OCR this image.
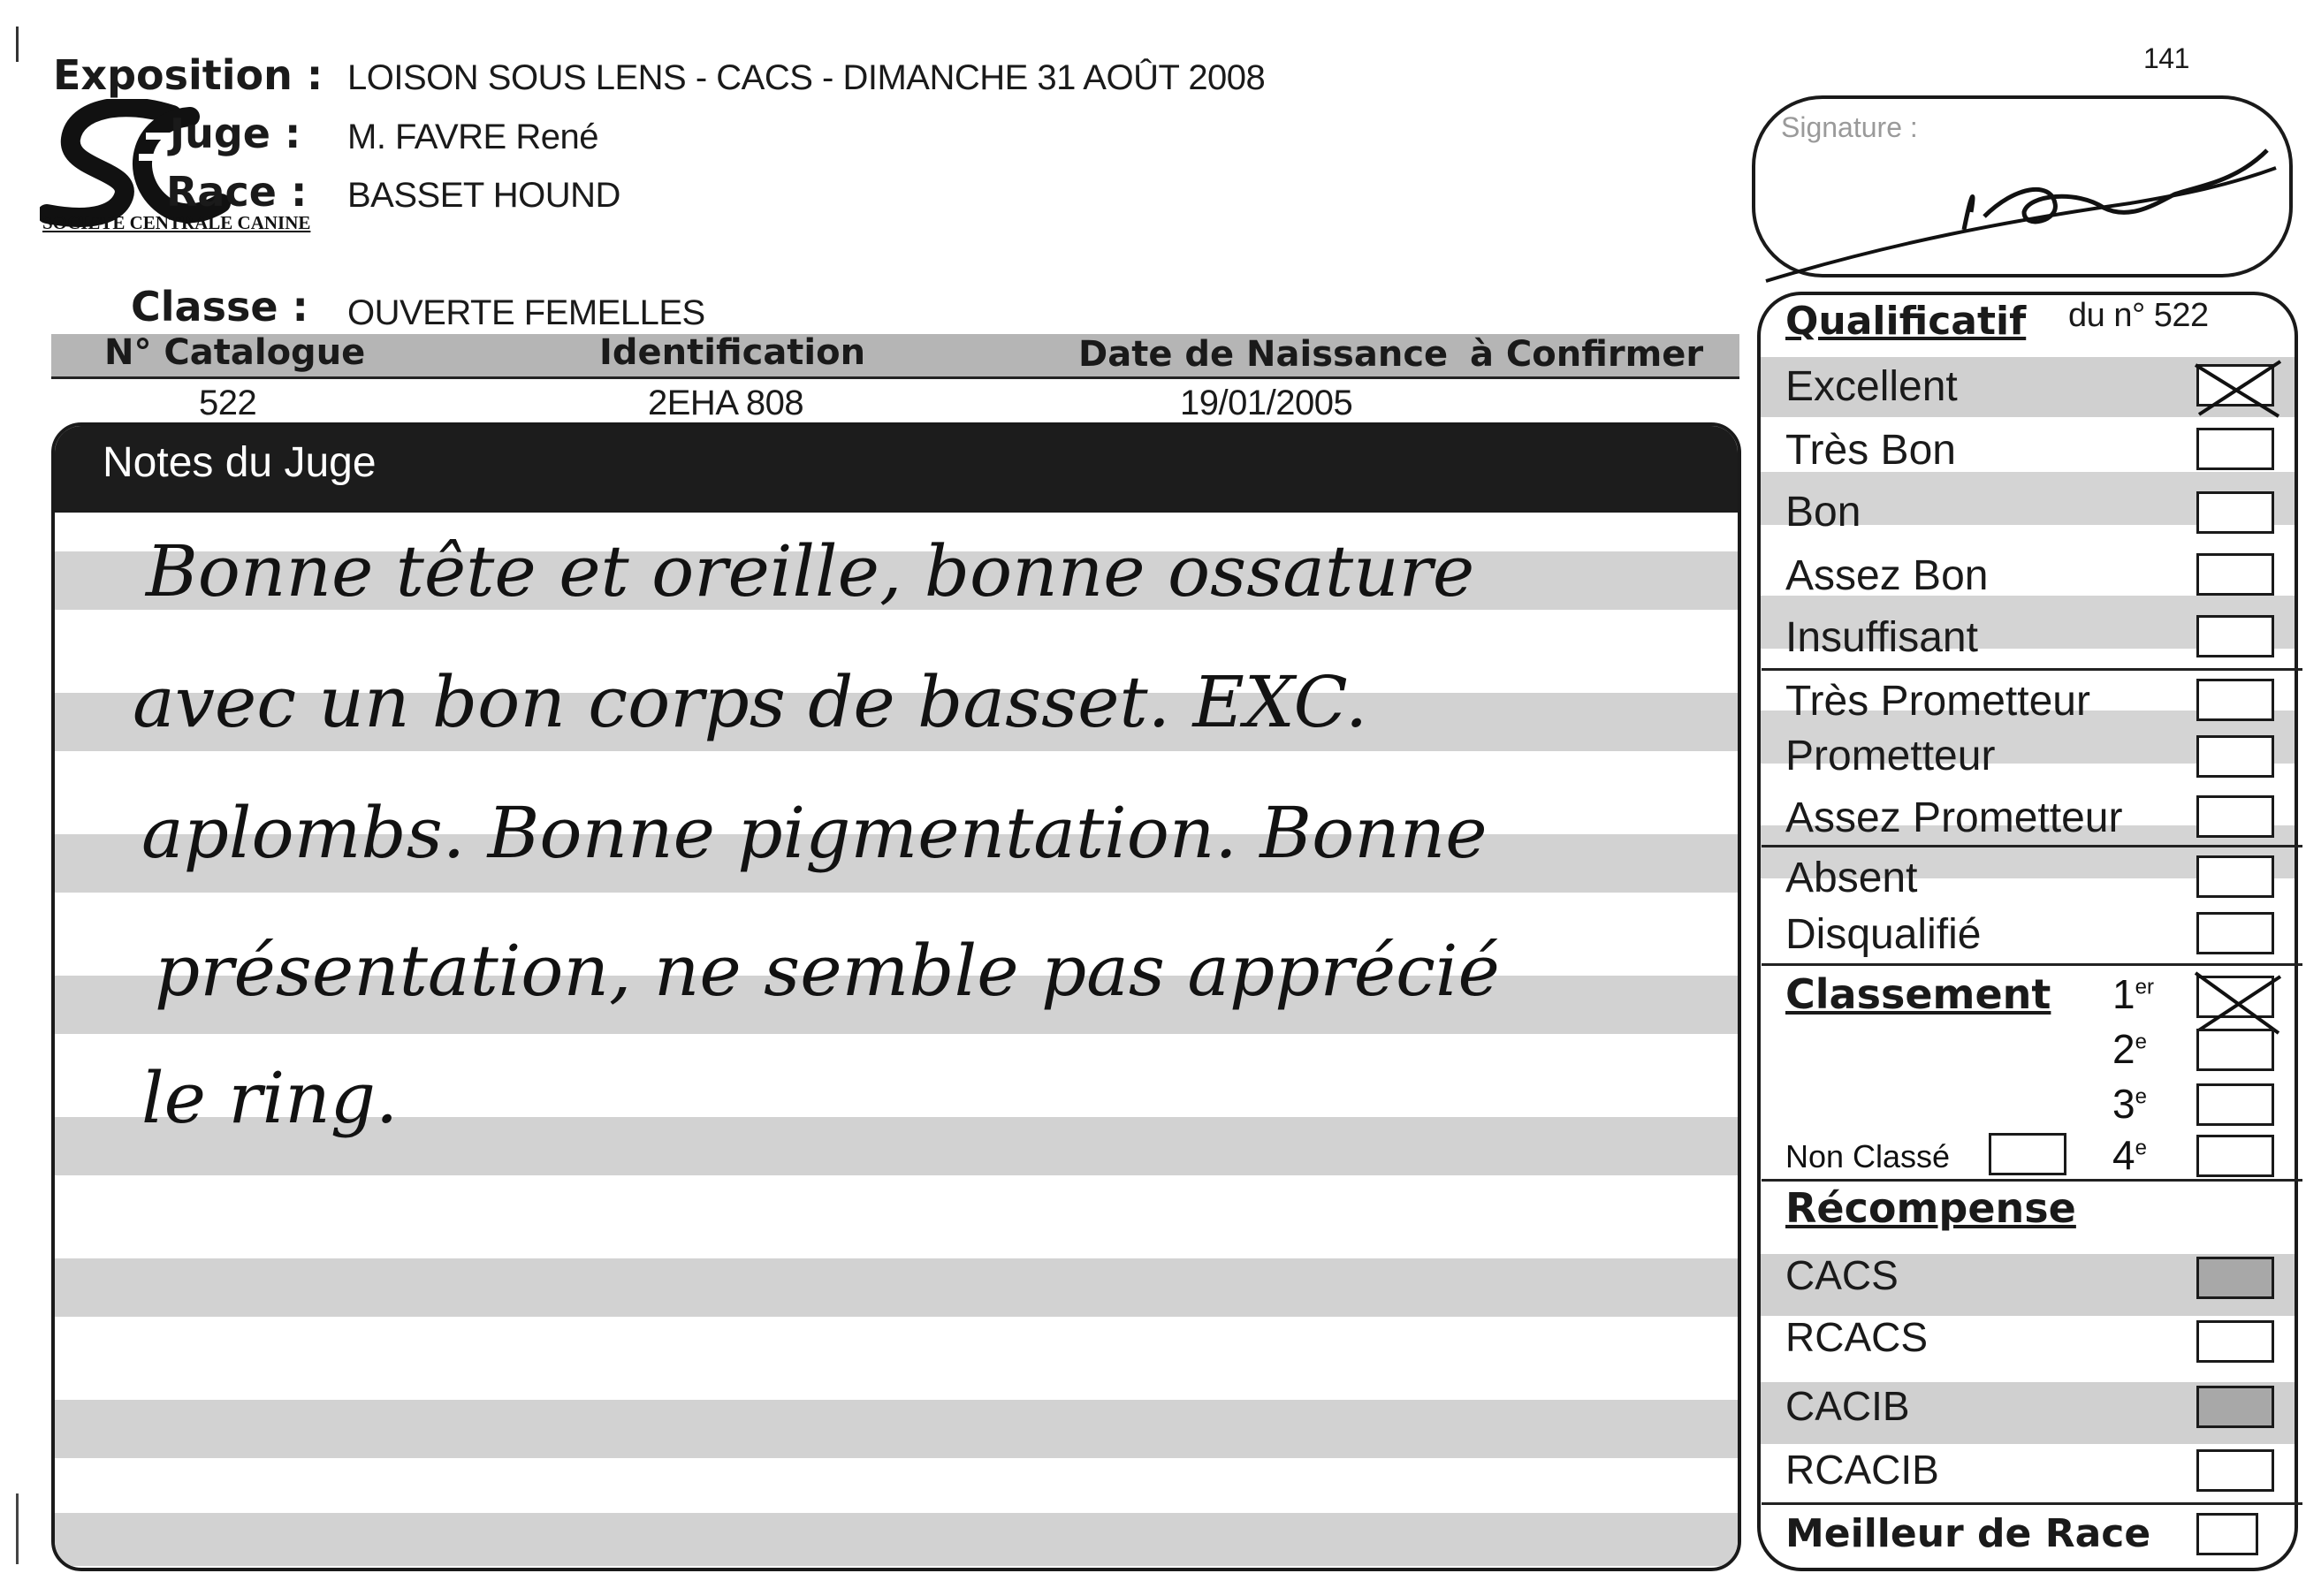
141
SOCIETE CENTRALE CANINE
Exposition : LOISON SOUS LENS - CACS - DIMANCHE 31 AOÛT 2008
Juge : M. FAVRE René
Race : BASSET HOUND
Classe : OUVERTE FEMELLES
N° Catalogue	Identification	Date de Naissance à Confirmer
522	2EHA 808	19/01/2005
Notes du Juge
Bonne tête et oreille, bonne ossature
avec un bon corps de basset. EXC.
aplombs. Bonne pigmentation. Bonne
présentation, ne semble pas apprécié
le ring.
Signature :
Qualificatif du n° 522
Excellent
Très Bon
Bon
Assez Bon
Insuffisant
Très Prometteur
Prometteur
Assez Prometteur
Absent
Disqualifié
Classement 1er
2e
3e
4e
Non Classé
Récompense
CACS
RCACS
CACIB
RCACIB
Meilleur de Race
